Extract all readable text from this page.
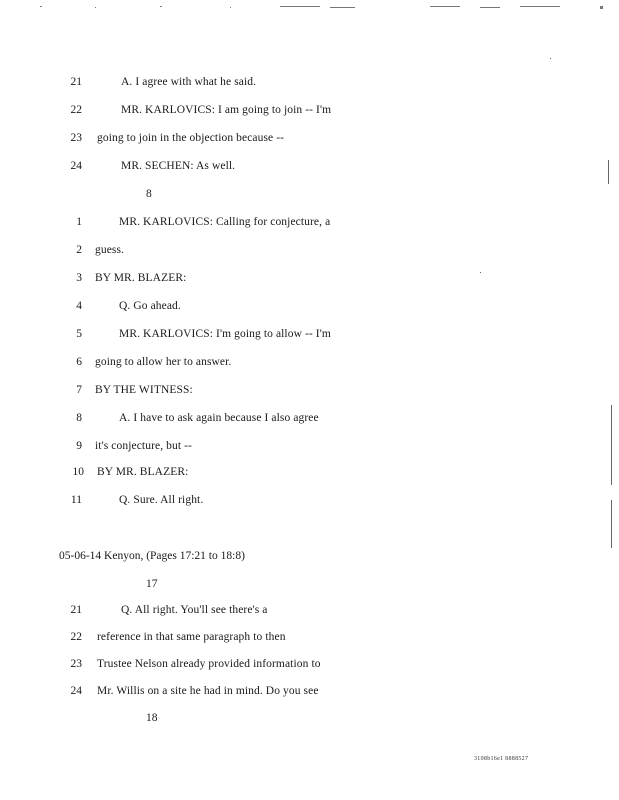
21	A. I agree with what he said.
22	MR. KARLOVICS: I am going to join -- I'm
23 going to join in the objection because --
24	MR. SECHEN: As well.
8
1	MR. KARLOVICS: Calling for conjecture, a
2 guess.
3 BY MR. BLAZER:
4	Q. Go ahead.
5	MR. KARLOVICS: I'm going to allow -- I'm
6 going to allow her to answer.
7 BY THE WITNESS:
8	A. I have to ask again because I also agree
9 it's conjecture, but --
10 BY MR. BLAZER:
11	Q. Sure. All right.
05-06-14 Kenyon, (Pages 17:21 to 18:8)
17
21	Q. All right. You'll see there's a
22 reference in that same paragraph to then
23 Trustee Nelson already provided information to
24 Mr. Willis on a site he had in mind. Do you see
18
3108b16e1 8888527
